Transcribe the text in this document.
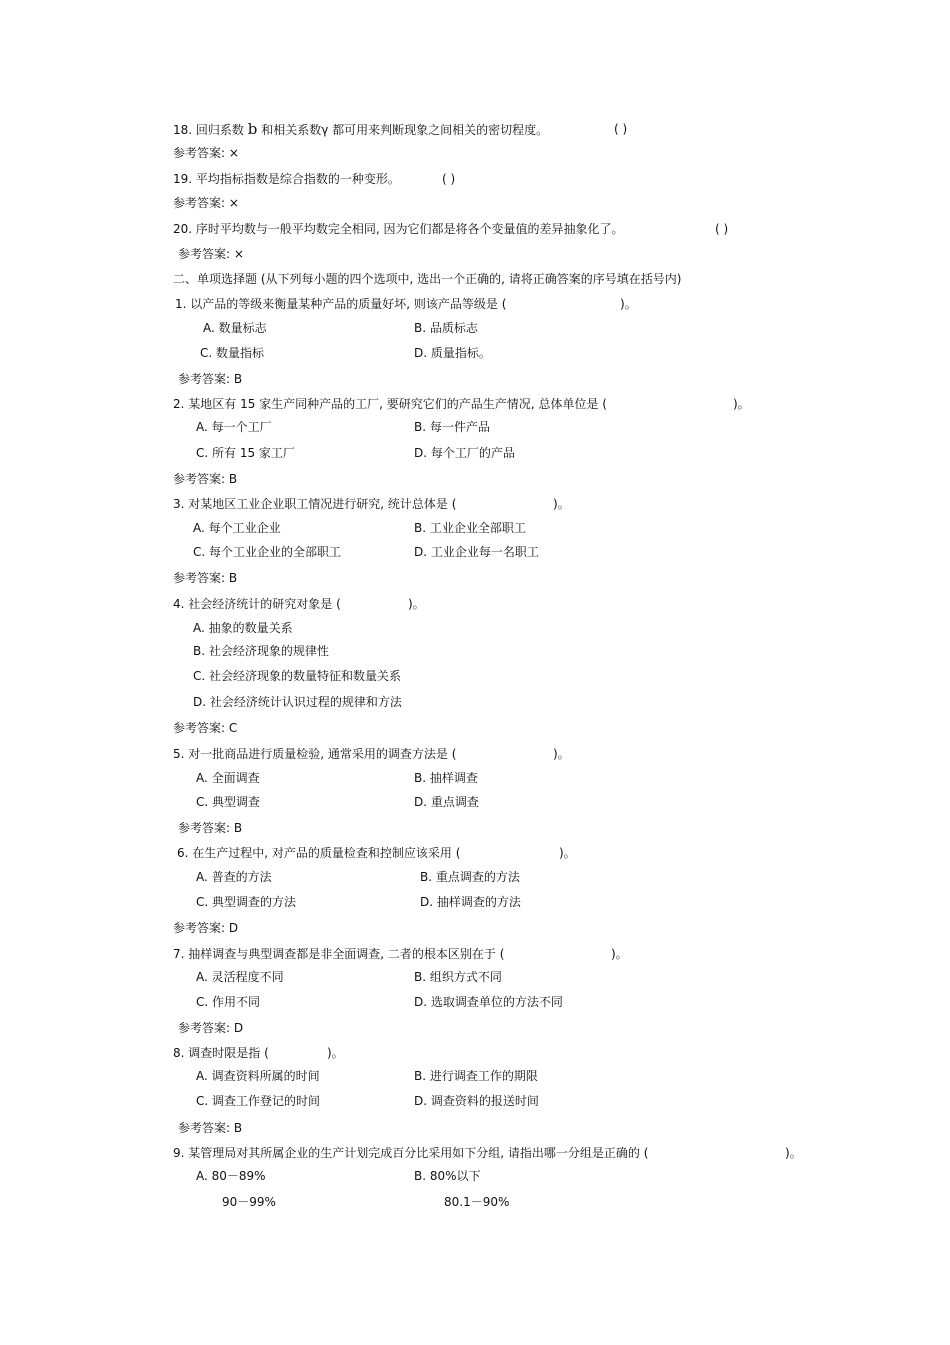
18. 回归系数 b 和相关系数γ 都可用来判断现象之间相关的密切程度。	( )
参考答案: ×
19. 平均指标指数是综合指数的一种变形。	( )
参考答案: ×
20. 序时平均数与一般平均数完全相同, 因为它们都是将各个变量值的差异抽象化了。	( )
参考答案: ×
二、单项选择题 (从下列每小题的四个选项中, 选出一个正确的, 请将正确答案的序号填在括号内)
1. 以产品的等级来衡量某种产品的质量好坏, 则该产品等级是 (	)。
A. 数量标志	B. 品质标志
C. 数量指标	D. 质量指标。
参考答案: B
2. 某地区有 15 家生产同种产品的工厂, 要研究它们的产品生产情况, 总体单位是 (	)。
A. 每一个工厂	B. 每一件产品
C. 所有 15 家工厂	D. 每个工厂的产品
参考答案: B
3. 对某地区工业企业职工情况进行研究, 统计总体是 (	)。
A. 每个工业企业	B. 工业企业全部职工
C. 每个工业企业的全部职工	D. 工业企业每一名职工
参考答案: B
4. 社会经济统计的研究对象是 (	)。
A. 抽象的数量关系
B. 社会经济现象的规律性
C. 社会经济现象的数量特征和数量关系
D. 社会经济统计认识过程的规律和方法
参考答案: C
5. 对一批商品进行质量检验, 通常采用的调查方法是 (	)。
A. 全面调查	B. 抽样调查
C. 典型调查	D. 重点调查
参考答案: B
6. 在生产过程中, 对产品的质量检查和控制应该采用 (	)。
A. 普查的方法	B. 重点调查的方法
C. 典型调查的方法	D. 抽样调查的方法
参考答案: D
7. 抽样调查与典型调查都是非全面调查, 二者的根本区别在于 (	)。
A. 灵活程度不同	B. 组织方式不同
C. 作用不同	D. 选取调查单位的方法不同
参考答案: D
8. 调查时限是指 (	)。
A. 调查资料所属的时间	B. 进行调查工作的期限
C. 调查工作登记的时间	D. 调查资料的报送时间
参考答案: B
9. 某管理局对其所属企业的生产计划完成百分比采用如下分组, 请指出哪一分组是正确的 (	)。
A. 80－89%	B. 80%以下
90－99%	80.1－90%
